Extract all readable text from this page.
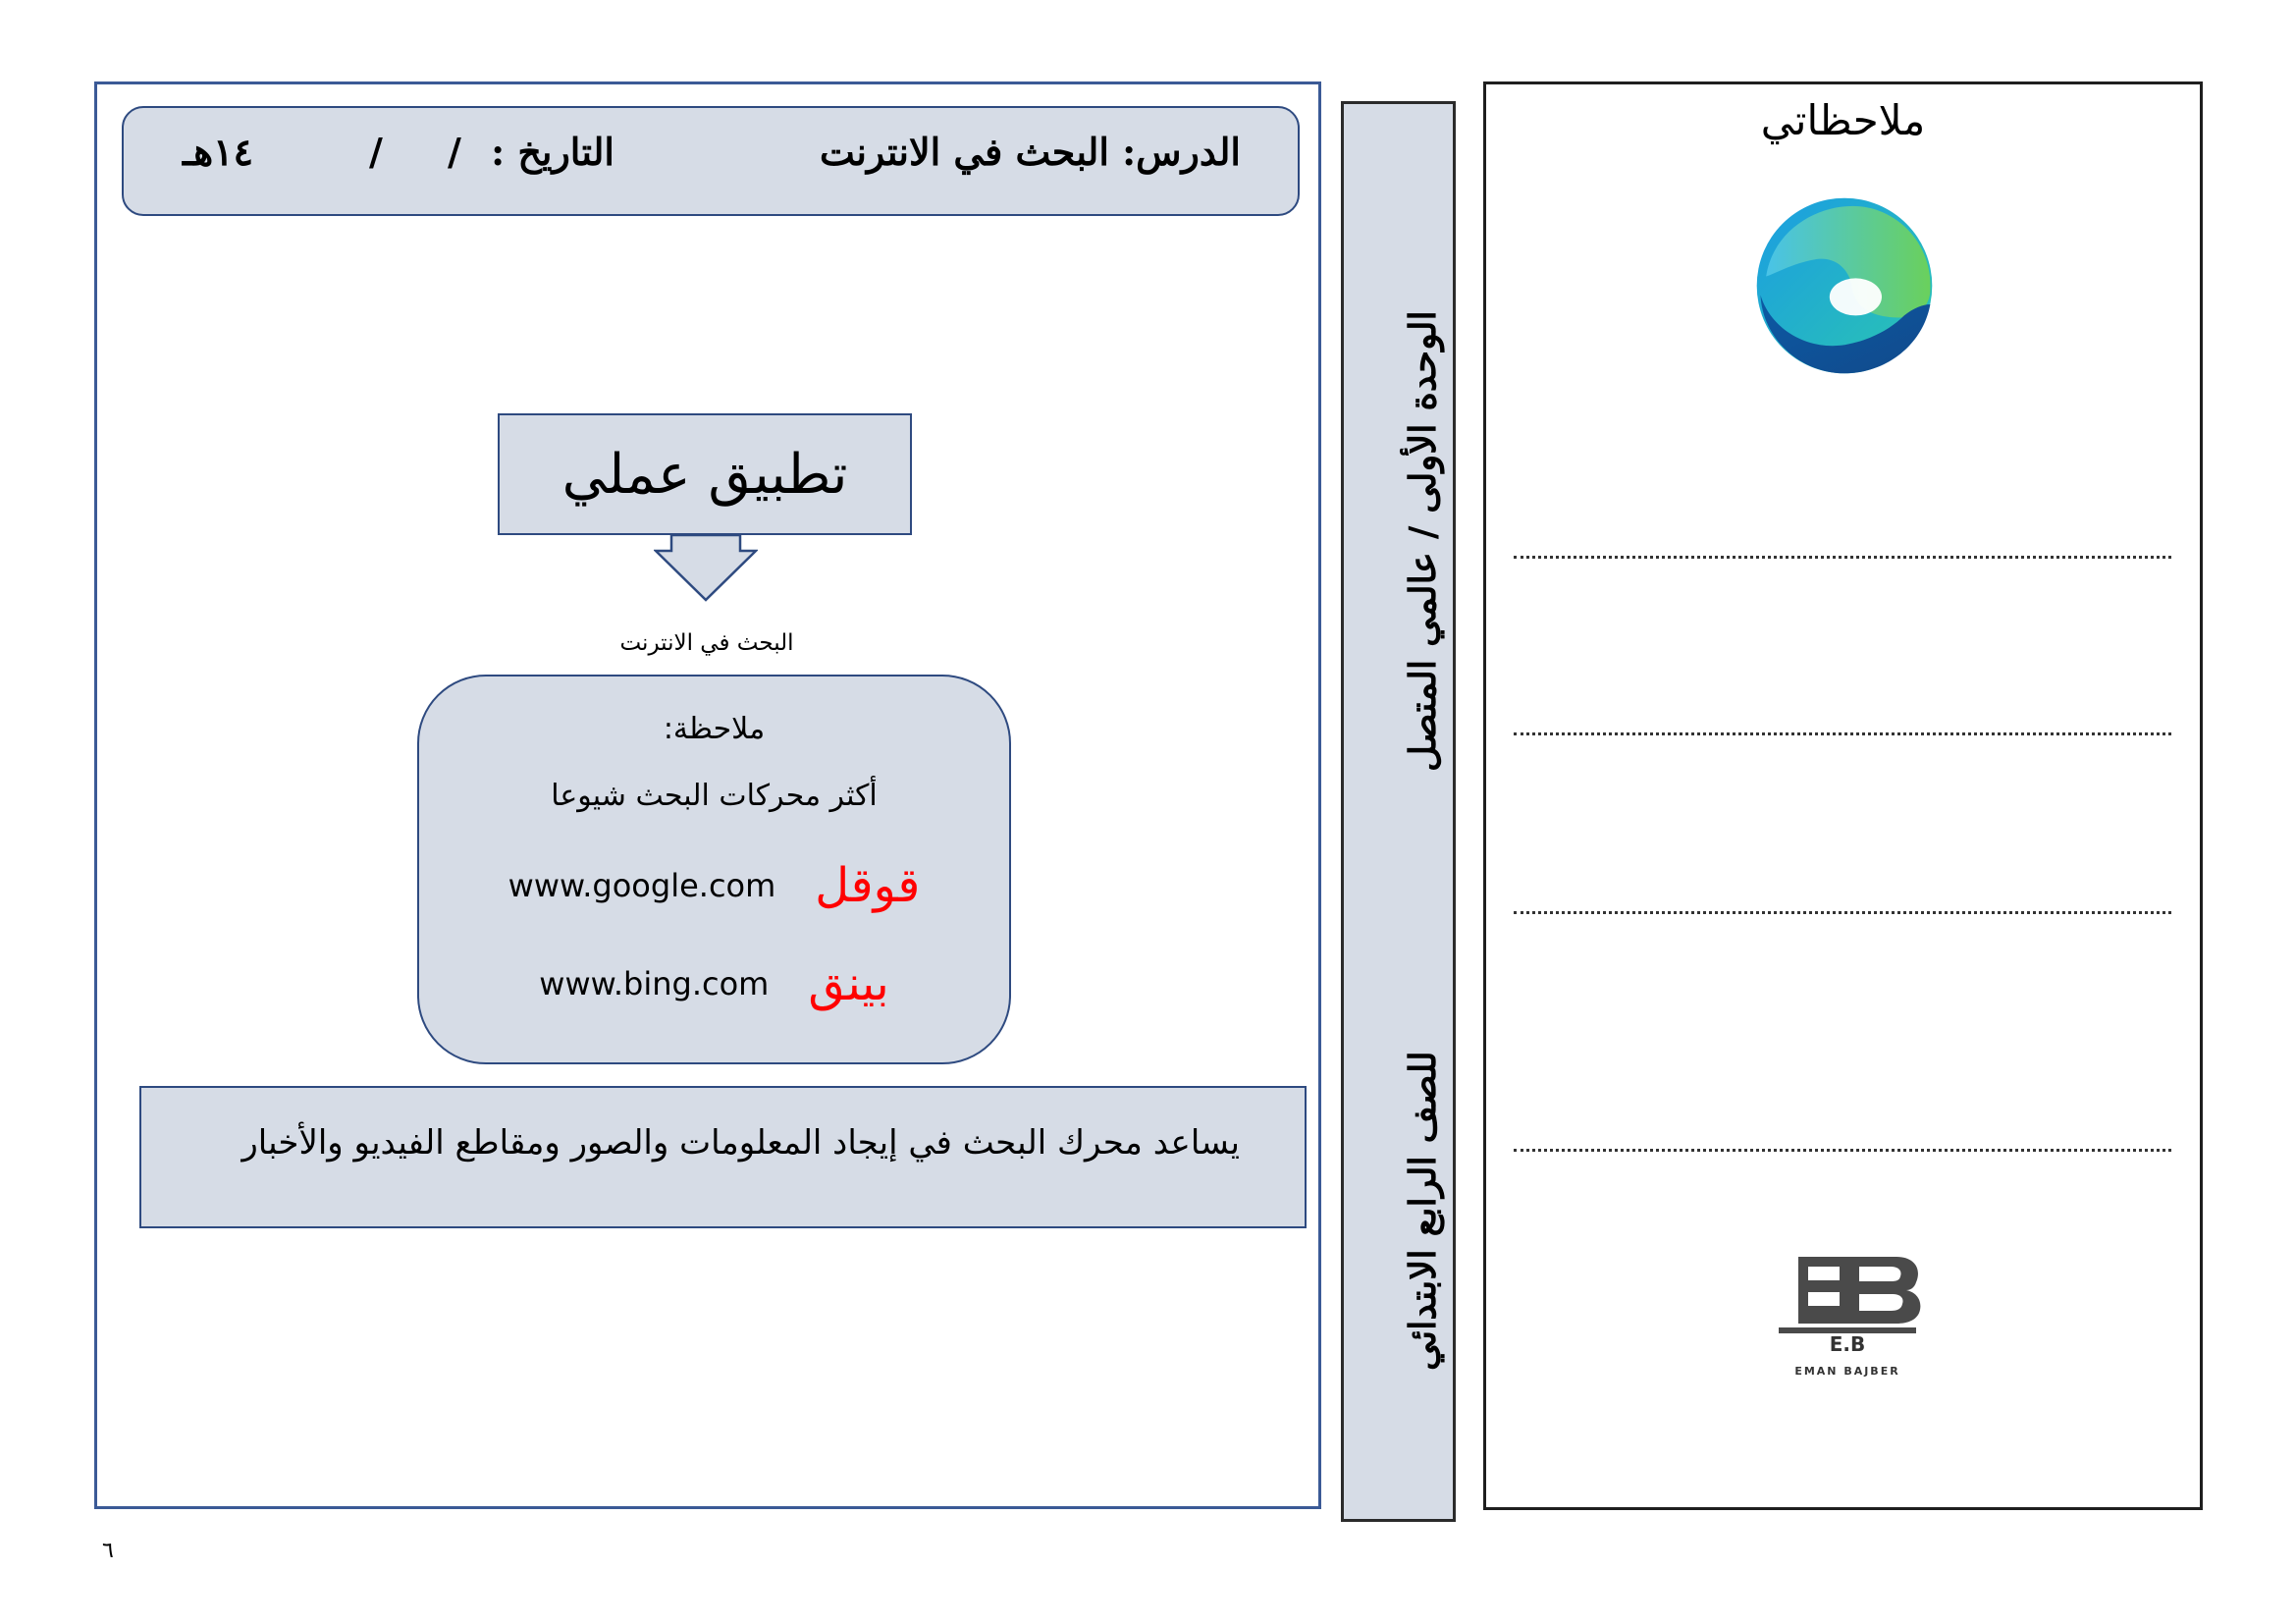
الدرس: البحث في الانترنت
التاريخ :
/
/
١٤هـ
تطبيق عملي
البحث في الانترنت
ملاحظة:
أكثر محركات البحث شيوعا
www.google.com قوقل
www.bing.com بينق
يساعد محرك البحث في إيجاد المعلومات والصور ومقاطع الفيديو والأخبار
٦
للصف الرابع الابتدائي
الوحدة الأولى / عالمي المتصل
ملاحظاتي
E.B
EMAN BAJBER
